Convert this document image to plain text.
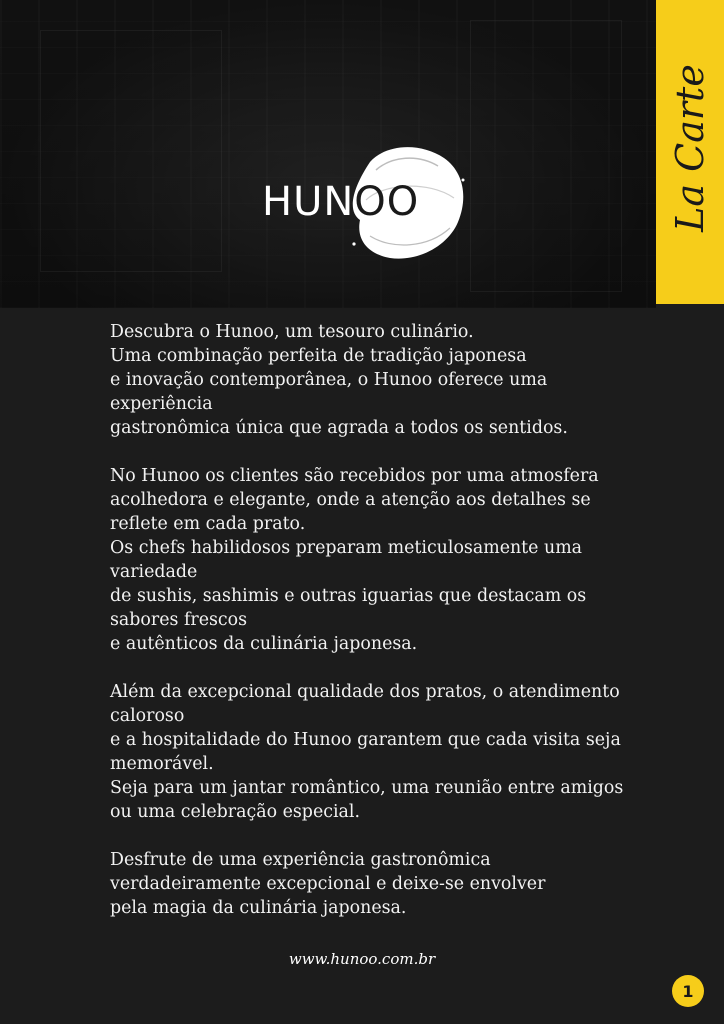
HUNOO	La Carte

Descubra o Hunoo, um tesouro culinário.
Uma combinação perfeita de tradição japonesa
e inovação contemporânea, o Hunoo oferece uma
experiência
gastronômica única que agrada a todos os sentidos.

No Hunoo os clientes são recebidos por uma atmosfera
acolhedora e elegante, onde a atenção aos detalhes se
reflete em cada prato.
Os chefs habilidosos preparam meticulosamente uma
variedade
de sushis, sashimis e outras iguarias que destacam os
sabores frescos
e autênticos da culinária japonesa.

Além da excepcional qualidade dos pratos, o atendimento
caloroso
e a hospitalidade do Hunoo garantem que cada visita seja
memorável.
Seja para um jantar romântico, uma reunião entre amigos
ou uma celebração especial.

Desfrute de uma experiência gastronômica
verdadeiramente excepcional e deixe-se envolver
pela magia da culinária japonesa.

www.hunoo.com.br
1
